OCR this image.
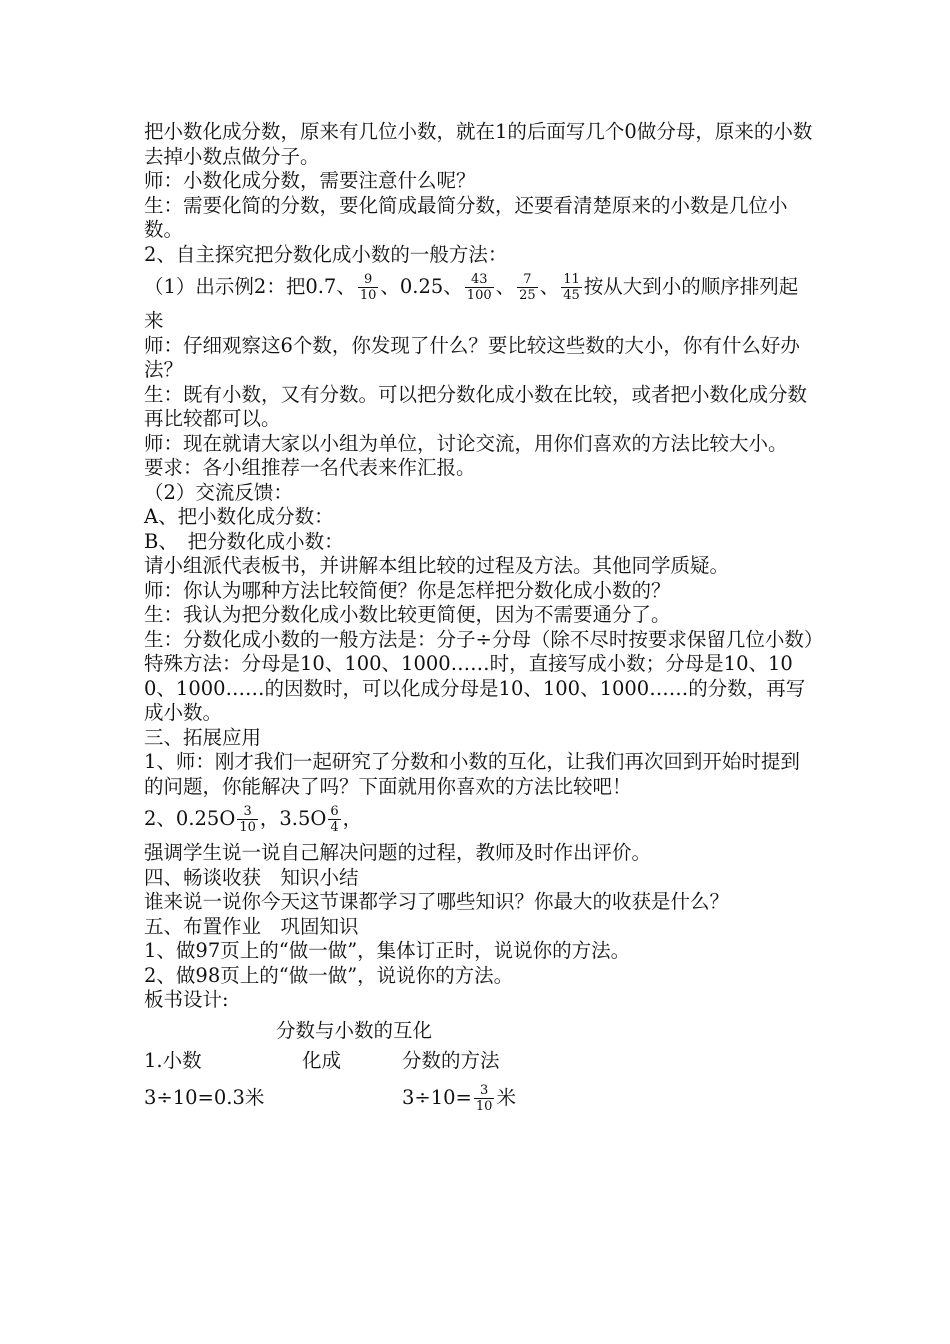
把小数化成分数，原来有几位小数，就在1的后面写几个0做分母，原来的小数去掉小数点做分子。

师：小数化成分数，需要注意什么呢？

生：需要化简的分数，要化简成最简分数，还要看清楚原来的小数是几位小数。

2、自主探究把分数化成小数的一般方法：

（1）出示例2：把0.7、 $\frac{9}{10}$ 、0.25、 $\frac{43}{100}$ 、 $\frac{7}{25}$ 、 $\frac{11}{45}$ 按从大到小的顺序排列起

来

师：仔细观察这6个数，你发现了什么？要比较这些数的大小，你有什么好办法？

生：既有小数，又有分数。可以把分数化成小数在比较，或者把小数化成分数再比较都可以。

师：现在就请大家以小组为单位，讨论交流，用你们喜欢的方法比较大小。

要求：各小组推荐一名代表来作汇报。

（2）交流反馈：

A、把小数化成分数：

B、　把分数化成小数：

请小组派代表板书，并讲解本组比较的过程及方法。其他同学质疑。

师：你认为哪种方法比较简便？你是怎样把分数化成小数的？

生：我认为把分数化成小数比较更简便，因为不需要通分了。

生：分数化成小数的一般方法是：分子÷分母（除不尽时按要求保留几位小数）

特殊方法：分母是10、100、1000……时，直接写成小数；分母是10、100、1000……的因数时，可以化成分母是10、100、1000……的分数，再写成小数。

三、拓展应用

1、师：刚才我们一起研究了分数和小数的互化，让我们再次回到开始时提到的问题，你能解决了吗？下面就用你喜欢的方法比较吧！

2、$0.25O \frac{3}{10}$ ，$3.5O \frac{6}{4}$ ，

强调学生说一说自己解决问题的过程，教师及时作出评价。

四、畅谈收获　知识小结

谁来说一说你今天这节课都学习了哪些知识？你最大的收获是什么？

五、布置作业　巩固知识

1、做97页上的“做一做”，集体订正时，说说你的方法。

2、做98页上的“做一做”，说说你的方法。

板书设计:

分数与小数的互化

1.小数	化成	分数的方法

3÷10=0.3米	$3\div 10= \frac{3}{10}$ 米
